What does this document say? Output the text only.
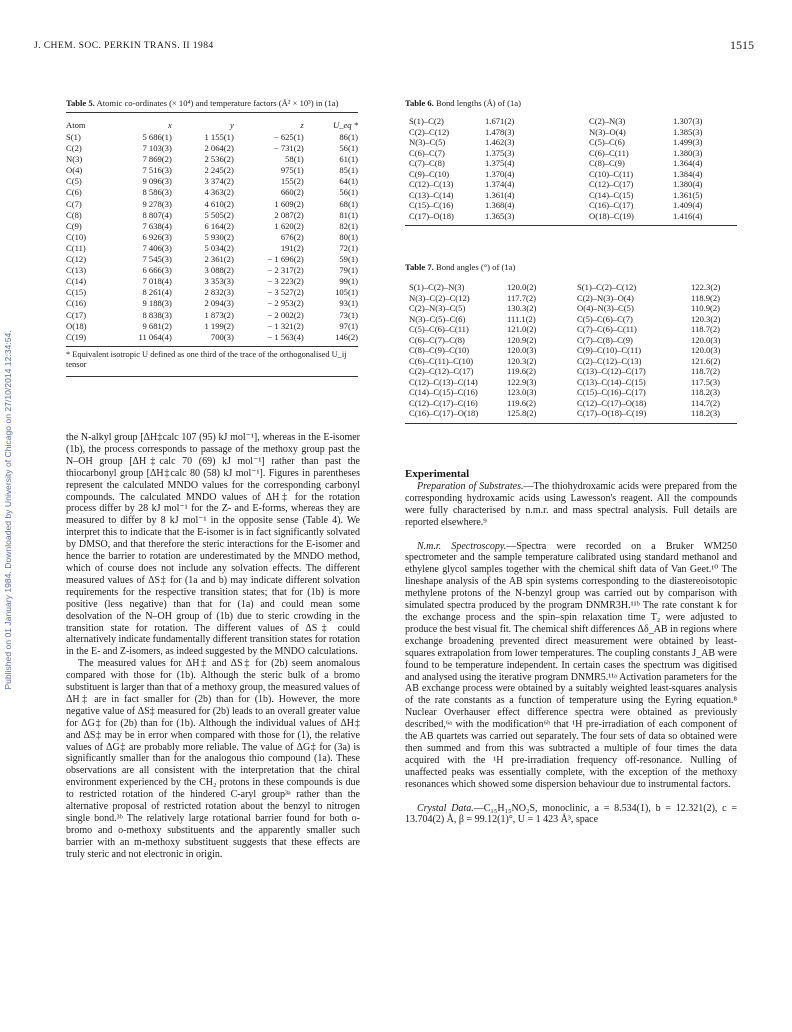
Published on 01 January 1984. Downloaded by University of Chicago on 27/10/2014 12:34:54.
J. CHEM. SOC. PERKIN TRANS. II 1984	1515
Table 5. Atomic co-ordinates (× 10⁴) and temperature factors (Å² × 10³) in (1a)
Atom	x	y	z	U_eq *
S(1)	5 686(1)	1 155(1)	− 625(1)	86(1)
C(2)	7 103(3)	2 064(2)	− 731(2)	56(1)
N(3)	7 869(2)	2 536(2)	58(1)	61(1)
O(4)	7 516(3)	2 245(2)	975(1)	85(1)
C(5)	9 096(3)	3 374(2)	155(2)	64(1)
C(6)	8 586(3)	4 363(2)	660(2)	56(1)
C(7)	9 278(3)	4 610(2)	1 609(2)	68(1)
C(8)	8 807(4)	5 505(2)	2 087(2)	81(1)
C(9)	7 638(4)	6 164(2)	1 620(2)	82(1)
C(10)	6 926(3)	5 930(2)	676(2)	80(1)
C(11)	7 406(3)	5 034(2)	191(2)	72(1)
C(12)	7 545(3)	2 361(2)	− 1 696(2)	59(1)
C(13)	6 666(3)	3 088(2)	− 2 317(2)	79(1)
C(14)	7 018(4)	3 353(3)	− 3 223(2)	99(1)
C(15)	8 261(4)	2 832(3)	− 3 527(2)	105(1)
C(16)	9 188(3)	2 094(3)	− 2 953(2)	93(1)
C(17)	8 838(3)	1 873(2)	− 2 002(2)	73(1)
O(18)	9 681(2)	1 199(2)	− 1 321(2)	97(1)
C(19)	11 064(4)	700(3)	− 1 563(4)	146(2)
* Equivalent isotropic U defined as one third of the trace of the orthogonalised U_ij tensor
Table 6. Bond lengths (Å) of (1a)
S(1)–C(2)	1.671(2)	C(2)–N(3)	1.307(3)
C(2)–C(12)	1.478(3)	N(3)–O(4)	1.385(3)
N(3)–C(5)	1.462(3)	C(5)–C(6)	1.499(3)
C(6)–C(7)	1.375(3)	C(6)–C(11)	1.380(3)
C(7)–C(8)	1.375(4)	C(8)–C(9)	1.364(4)
C(9)–C(10)	1.370(4)	C(10)–C(11)	1.384(4)
C(12)–C(13)	1.374(4)	C(12)–C(17)	1.380(4)
C(13)–C(14)	1.361(4)	C(14)–C(15)	1.361(5)
C(15)–C(16)	1.368(4)	C(16)–C(17)	1.409(4)
C(17)–O(18)	1.365(3)	O(18)–C(19)	1.416(4)
Table 7. Bond angles (°) of (1a)
S(1)–C(2)–N(3)	120.0(2)	S(1)–C(2)–C(12)	122.3(2)
N(3)–C(2)–C(12)	117.7(2)	C(2)–N(3)–O(4)	118.9(2)
C(2)–N(3)–C(5)	130.3(2)	O(4)–N(3)–C(5)	110.9(2)
N(3)–C(5)–C(6)	111.1(2)	C(5)–C(6)–C(7)	120.3(2)
C(5)–C(6)–C(11)	121.0(2)	C(7)–C(6)–C(11)	118.7(2)
C(6)–C(7)–C(8)	120.9(2)	C(7)–C(8)–C(9)	120.0(3)
C(8)–C(9)–C(10)	120.0(3)	C(9)–C(10)–C(11)	120.0(3)
C(6)–C(11)–C(10)	120.3(2)	C(2)–C(12)–C(13)	121.6(2)
C(2)–C(12)–C(17)	119.6(2)	C(13)–C(12)–C(17)	118.7(2)
C(12)–C(13)–C(14)	122.9(3)	C(13)–C(14)–C(15)	117.5(3)
C(14)–C(15)–C(16)	123.0(3)	C(15)–C(16)–C(17)	118.2(3)
C(12)–C(17)–C(16)	119.6(2)	C(12)–C(17)–O(18)	114.7(2)
C(16)–C(17)–O(18)	125.8(2)	C(17)–O(18)–C(19)	118.2(3)

the N-alkyl group [ΔH‡calc 107 (95) kJ mol⁻¹], whereas in the E-isomer (1b), the process corresponds to passage of the methoxy group past the N–OH group [ΔH‡calc 70 (69) kJ mol⁻¹] rather than past the thiocarbonyl group [ΔH‡calc 80 (58) kJ mol⁻¹]. Figures in parentheses represent the calculated MNDO values for the corresponding carbonyl compounds. The calculated MNDO values of ΔH‡ for the rotation process differ by 28 kJ mol⁻¹ for the Z- and E-forms, whereas they are measured to differ by 8 kJ mol⁻¹ in the opposite sense (Table 4). We interpret this to indicate that the E-isomer is in fact significantly solvated by DMSO, and that therefore the steric interactions for the E-isomer and hence the barrier to rotation are underestimated by the MNDO method, which of course does not include any solvation effects. The different measured values of ΔS‡ for (1a and b) may indicate different solvation requirements for the respective transition states; that for (1b) is more positive (less negative) than that for (1a) and could mean some desolvation of the N–OH group of (1b) due to steric crowding in the transition state for rotation. The different values of ΔS‡ could alternatively indicate fundamentally different transition states for rotation in the E- and Z-isomers, as indeed suggested by the MNDO calculations.

The measured values for ΔH‡ and ΔS‡ for (2b) seem anomalous compared with those for (1b). Although the steric bulk of a bromo substituent is larger than that of a methoxy group, the measured values of ΔH‡ are in fact smaller for (2b) than for (1b). However, the more negative value of ΔS‡ measured for (2b) leads to an overall greater value for ΔG‡ for (2b) than for (1b). Although the individual values of ΔH‡ and ΔS‡ may be in error when compared with those for (1), the relative values of ΔG‡ are probably more reliable. The value of ΔG‡ for (3a) is significantly smaller than for the analogous thio compound (1a). These observations are all consistent with the interpretation that the chiral environment experienced by the CH₂ protons in these compounds is due to restricted rotation of the hindered C-aryl group³ᵃ rather than the alternative proposal of restricted rotation about the benzyl to nitrogen single bond.³ᵇ The relatively large rotational barrier found for both o-bromo and o-methoxy substituents and the apparently smaller such barrier with an m-methoxy substituent suggests that these effects are truly steric and not electronic in origin.

Experimental

Preparation of Substrates.—The thiohydroxamic acids were prepared from the corresponding hydroxamic acids using Lawesson's reagent. All the compounds were fully characterised by n.m.r. and mass spectral analysis. Full details are reported elsewhere.⁹

N.m.r. Spectroscopy.—Spectra were recorded on a Bruker WM250 spectrometer and the sample temperature calibrated using standard methanol and ethylene glycol samples together with the chemical shift data of Van Geet.¹⁰ The lineshape analysis of the AB spin systems corresponding to the diastereoisotopic methylene protons of the N-benzyl group was carried out by comparison with simulated spectra produced by the program DNMR3H.¹¹ᵇ The rate constant k for the exchange process and the spin–spin relaxation time T₂ were adjusted to produce the best visual fit. The chemical shift differences Δδ_AB in regions where exchange broadening prevented direct measurement were obtained by least-squares extrapolation from lower temperatures. The coupling constants J_AB were found to be temperature independent. In certain cases the spectrum was digitised and analysed using the iterative program DNMR5.¹¹ᵃ Activation parameters for the AB exchange process were obtained by a suitably weighted least-squares analysis of the rate constants as a function of temperature using the Eyring equation.⁸ Nuclear Overhauser effect difference spectra were obtained as previously described,⁶ᵃ with the modification⁶ᵇ that ¹H pre-irradiation of each component of the AB quartets was carried out separately. The four sets of data so obtained were then summed and from this was subtracted a multiple of four times the data acquired with the ¹H pre-irradiation frequency off-resonance. Nulling of unaffected peaks was essentially complete, with the exception of the methoxy resonances which showed some dispersion behaviour due to instrumental factors.

Crystal Data.—C₁₅H₁₅NO₂S, monoclinic, a = 8.534(1), b = 12.321(2), c = 13.704(2) Å, β = 99.12(1)°, U = 1 423 Å³, space
